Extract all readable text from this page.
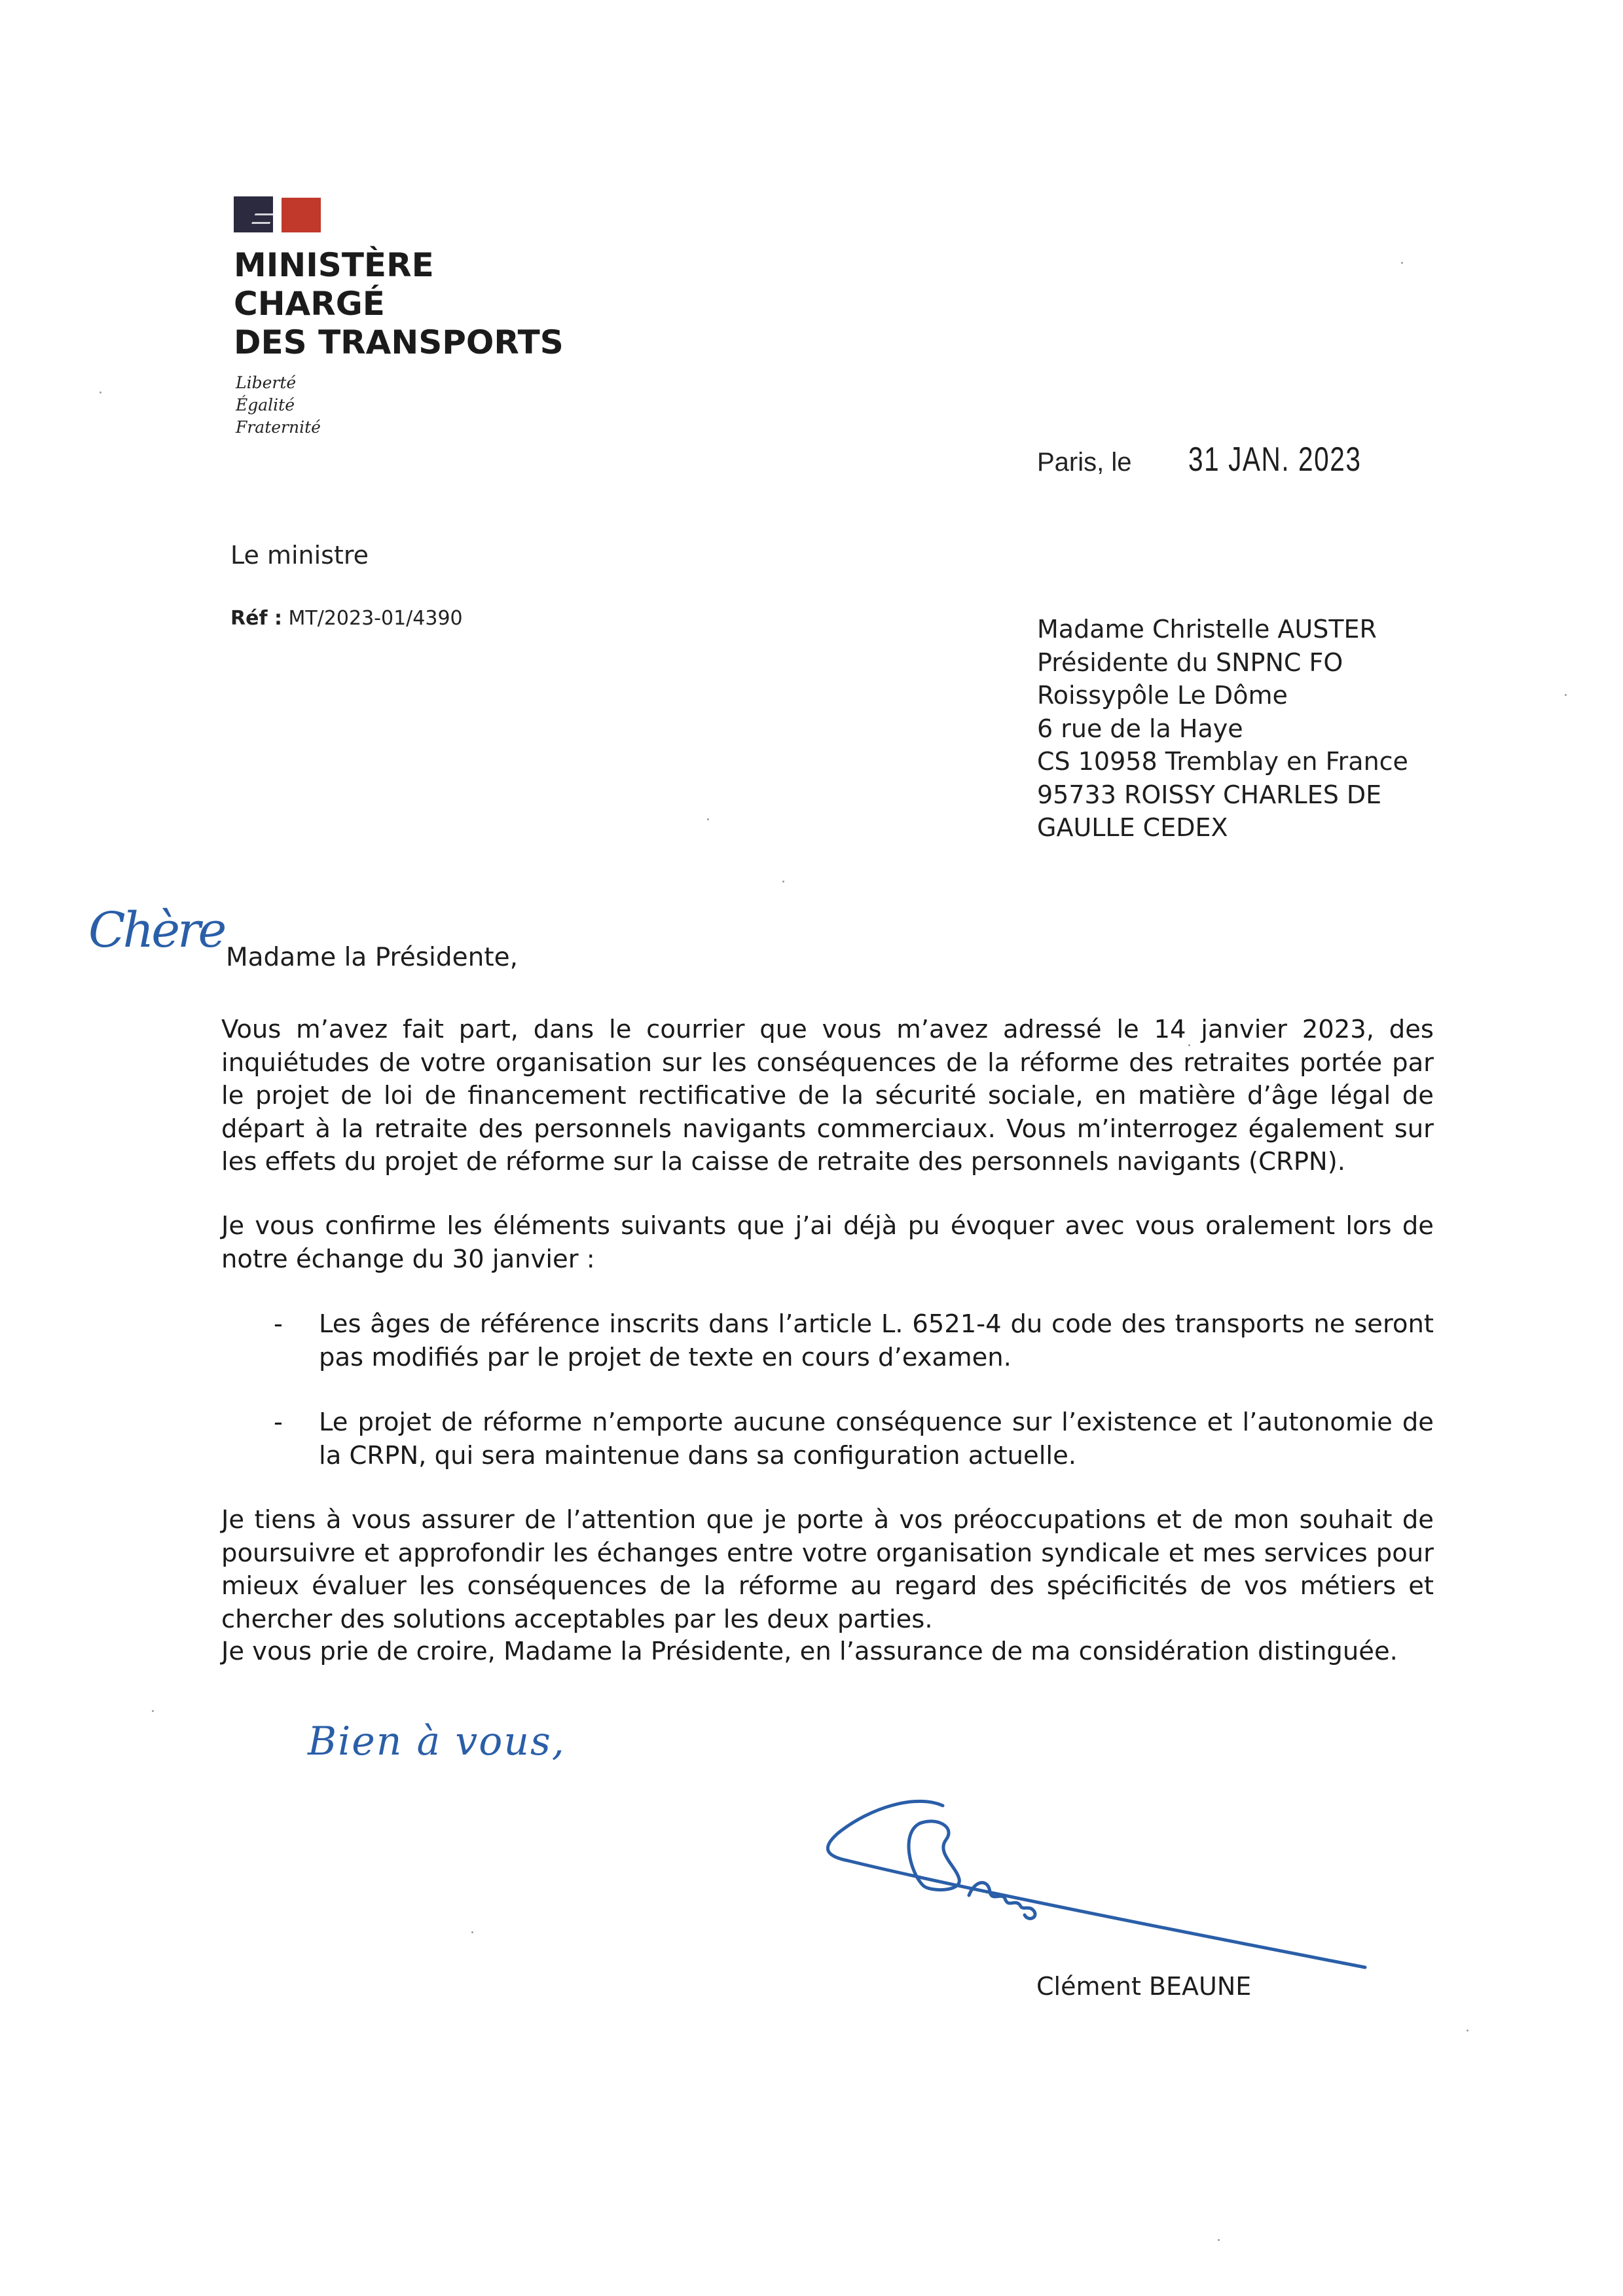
MINISTÈRE
CHARGÉ
DES TRANSPORTS
Liberté
Égalité
Fraternité
Paris, le 31 JAN. 2023
Le ministre
Réf : MT/2023-01/4390	Madame Christelle AUSTER
Présidente du SNPNC FO
Roissypôle Le Dôme
6 rue de la Haye
CS 10958 Tremblay en France
95733 ROISSY CHARLES DE
GAULLE CEDEX
Chère Madame la Présidente,
Vous m’avez fait part, dans le courrier que vous m’avez adressé le 14 janvier 2023, des inquiétudes de votre organisation sur les conséquences de la réforme des retraites portée par le projet de loi de financement rectificative de la sécurité sociale, en matière d’âge légal de départ à la retraite des personnels navigants commerciaux. Vous m’interrogez également sur les effets du projet de réforme sur la caisse de retraite des personnels navigants (CRPN).
Je vous confirme les éléments suivants que j’ai déjà pu évoquer avec vous oralement lors de notre échange du 30 janvier :
- Les âges de référence inscrits dans l’article L. 6521-4 du code des transports ne seront pas modifiés par le projet de texte en cours d’examen.
- Le projet de réforme n’emporte aucune conséquence sur l’existence et l’autonomie de la CRPN, qui sera maintenue dans sa configuration actuelle.
Je tiens à vous assurer de l’attention que je porte à vos préoccupations et de mon souhait de poursuivre et approfondir les échanges entre votre organisation syndicale et mes services pour mieux évaluer les conséquences de la réforme au regard des spécificités de vos métiers et chercher des solutions acceptables par les deux parties.
Je vous prie de croire, Madame la Présidente, en l’assurance de ma considération distinguée.
Bien à vous,
Clément BEAUNE
